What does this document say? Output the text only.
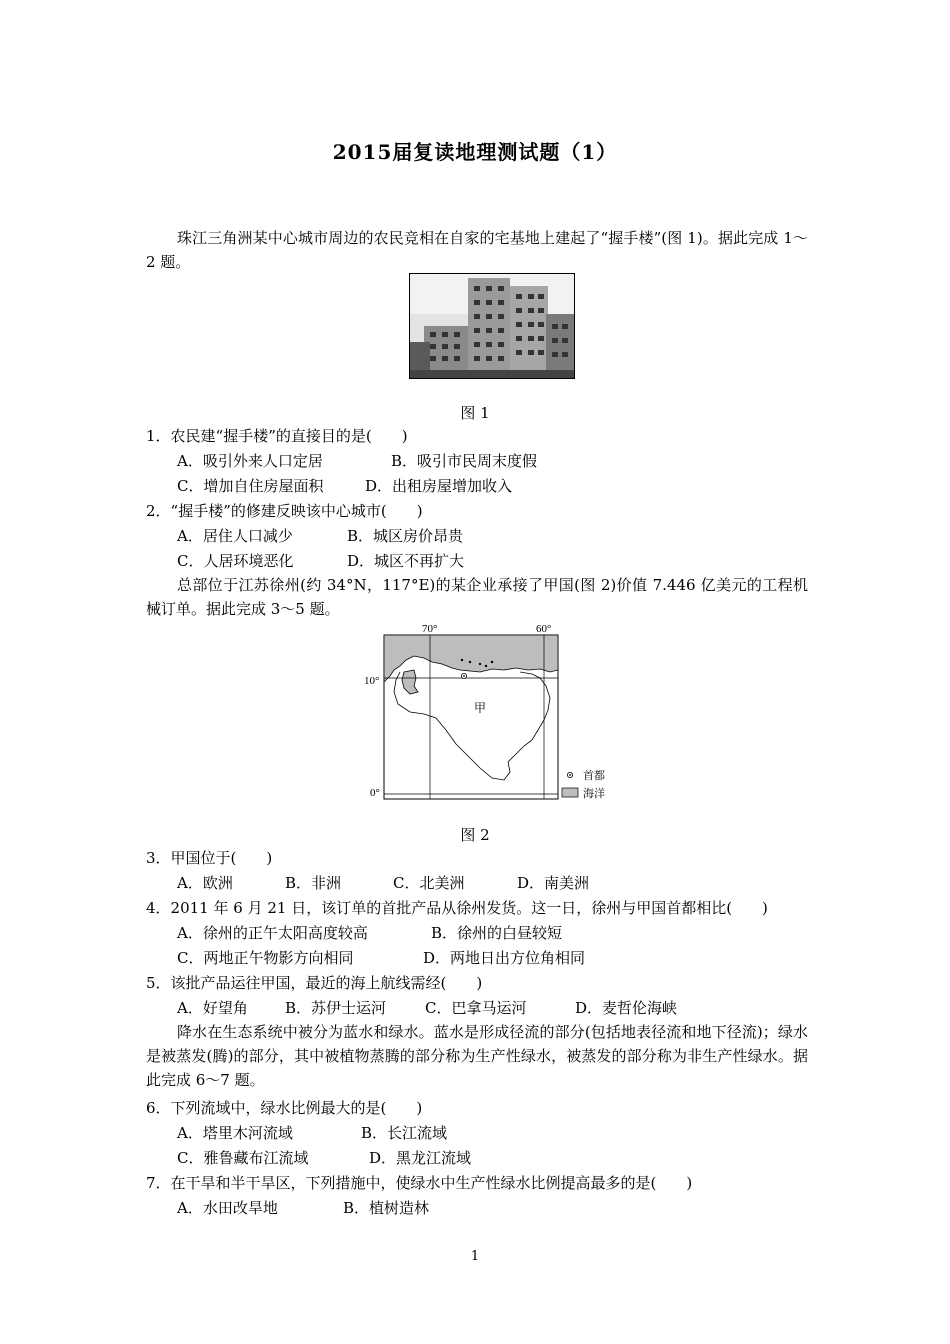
2015届复读地理测试题（1）
珠江三角洲某中心城市周边的农民竞相在自家的宅基地上建起了“握手楼”(图 1)。据此完成 1～2 题。
图 1
1．农民建“握手楼”的直接目的是(　　)
A．吸引外来人口定居	B．吸引市民周末度假
C．增加自住房屋面积	D．出租房屋增加收入
2．“握手楼”的修建反映该中心城市(　　)
A．居住人口减少	B．城区房价昂贵
C．人居环境恶化	D．城区不再扩大
总部位于江苏徐州(约 34°N，117°E)的某企业承接了甲国(图 2)价值 7.446 亿美元的工程机械订单。据此完成 3～5 题。
70°	60°
10°
0°
甲
首都
海洋
图 2
3．甲国位于(　　)
A．欧洲	B．非洲	C．北美洲	D．南美洲
4．2011 年 6 月 21 日，该订单的首批产品从徐州发货。这一日，徐州与甲国首都相比(　　)
A．徐州的正午太阳高度较高	B．徐州的白昼较短
C．两地正午物影方向相同	D．两地日出方位角相同
5．该批产品运往甲国，最近的海上航线需经(　　)
A．好望角 B．苏伊士运河	C．巴拿马运河	D．麦哲伦海峡
降水在生态系统中被分为蓝水和绿水。蓝水是形成径流的部分(包括地表径流和地下径流)；绿水是被蒸发(腾)的部分，其中被植物蒸腾的部分称为生产性绿水，被蒸发的部分称为非生产性绿水。据此完成 6～7 题。
6．下列流域中，绿水比例最大的是(　　)
A．塔里木河流域	B．长江流域
C．雅鲁藏布江流域	D．黑龙江流域
7．在干旱和半干旱区，下列措施中，使绿水中生产性绿水比例提高最多的是(　　)
A．水田改旱地	B．植树造林
1
